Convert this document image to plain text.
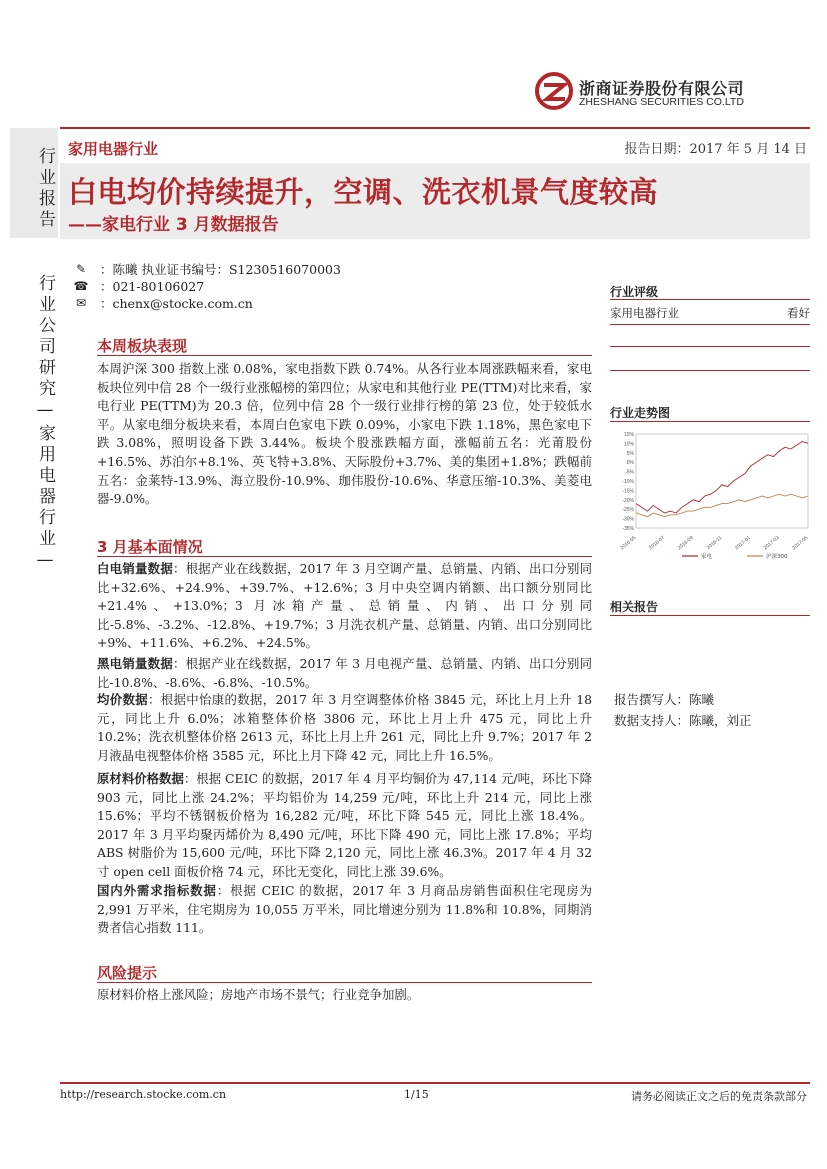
浙商证券股份有限公司
ZHESHANG SECURITIES CO.LTD
行业报告
行业公司研究—家用电器行业—
家用电器行业	报告日期：2017 年 5 月 14 日
白电均价持续提升，空调、洗衣机景气度较高
——家电行业 3 月数据报告
✎	：陈曦 执业证书编号：S1230516070003
☎ ：021-80106027
✉	：chenx@stocke.com.cn
本周板块表现
本周沪深 300 指数上涨 0.08%，家电指数下跌 0.74%。从各行业本周涨跌幅来看，家电板块位列中信 28 个一级行业涨幅榜的第四位；从家电和其他行业 PE(TTM)对比来看，家电行业 PE(TTM)为 20.3 倍，位列中信 28 个一级行业排行榜的第 23 位，处于较低水平。从家电细分板块来看，本周白色家电下跌 0.09%，小家电下跌 1.18%，黑色家电下跌 3.08%，照明设备下跌 3.44%。板块个股涨跌幅方面，涨幅前五名：光莆股份+16.5%、苏泊尔+8.1%、英飞特+3.8%、天际股份+3.7%、美的集团+1.8%；跌幅前五名：金莱特-13.9%、海立股份-10.9%、珈伟股份-10.6%、华意压缩-10.3%、美菱电器-9.0%。
3 月基本面情况
白电销量数据：根据产业在线数据，2017 年 3 月空调产量、总销量、内销、出口分别同比+32.6%、+24.9%、+39.7%、+12.6%；3 月中央空调内销额、出口额分别同比+21.4%、+13.0%；3 月冰箱产量、总销量、内销、出口分别同比-5.8%、-3.2%、-12.8%、+19.7%；3 月洗衣机产量、总销量、内销、出口分别同比+9%、+11.6%、+6.2%、+24.5%。
黑电销量数据：根据产业在线数据，2017 年 3 月电视产量、总销量、内销、出口分别同比-10.8%、-8.6%、-6.8%、-10.5%。
均价数据：根据中怡康的数据，2017 年 3 月空调整体价格 3845 元，环比上月上升 18 元，同比上升 6.0%；冰箱整体价格 3806 元，环比上月上升 475 元，同比上升 10.2%；洗衣机整体价格 2613 元，环比上月上升 261 元，同比上升 9.7%；2017 年 2 月液晶电视整体价格 3585 元，环比上月下降 42 元，同比上升 16.5%。
原材料价格数据：根据 CEIC 的数据，2017 年 4 月平均铜价为 47,114 元/吨，环比下降 903 元，同比上涨 24.2%；平均铝价为 14,259 元/吨，环比上升 214 元，同比上涨 15.6%；平均不锈钢板价格为 16,282 元/吨，环比下降 545 元，同比上涨 18.4%。2017 年 3 月平均聚丙烯价为 8,490 元/吨，环比下降 490 元，同比上涨 17.8%；平均 ABS 树脂价为 15,600 元/吨，环比下降 2,120 元，同比上涨 46.3%。2017 年 4 月 32 寸 open cell 面板价格 74 元，环比无变化，同比上涨 39.6%。
国内外需求指标数据：根据 CEIC 的数据，2017 年 3 月商品房销售面积住宅现房为 2,991 万平米，住宅期房为 10,055 万平米，同比增速分别为 11.8%和 10.8%，同期消费者信心指数 111。
风险提示
原材料价格上涨风险；房地产市场不景气；行业竞争加剧。
行业评级
家用电器行业	看好
行业走势图
15%
10%
5%
0%
-5%
-10%
-15%
-20%
-25%
-30%
-35%
2016-05 2016-07 2016-09 2016-11 2017-01 2017-03 2017-05
家电	沪深300
相关报告
报告撰写人：陈曦
数据支持人：陈曦，刘正
http://research.stocke.com.cn	1/15	请务必阅读正文之后的免责条款部分
